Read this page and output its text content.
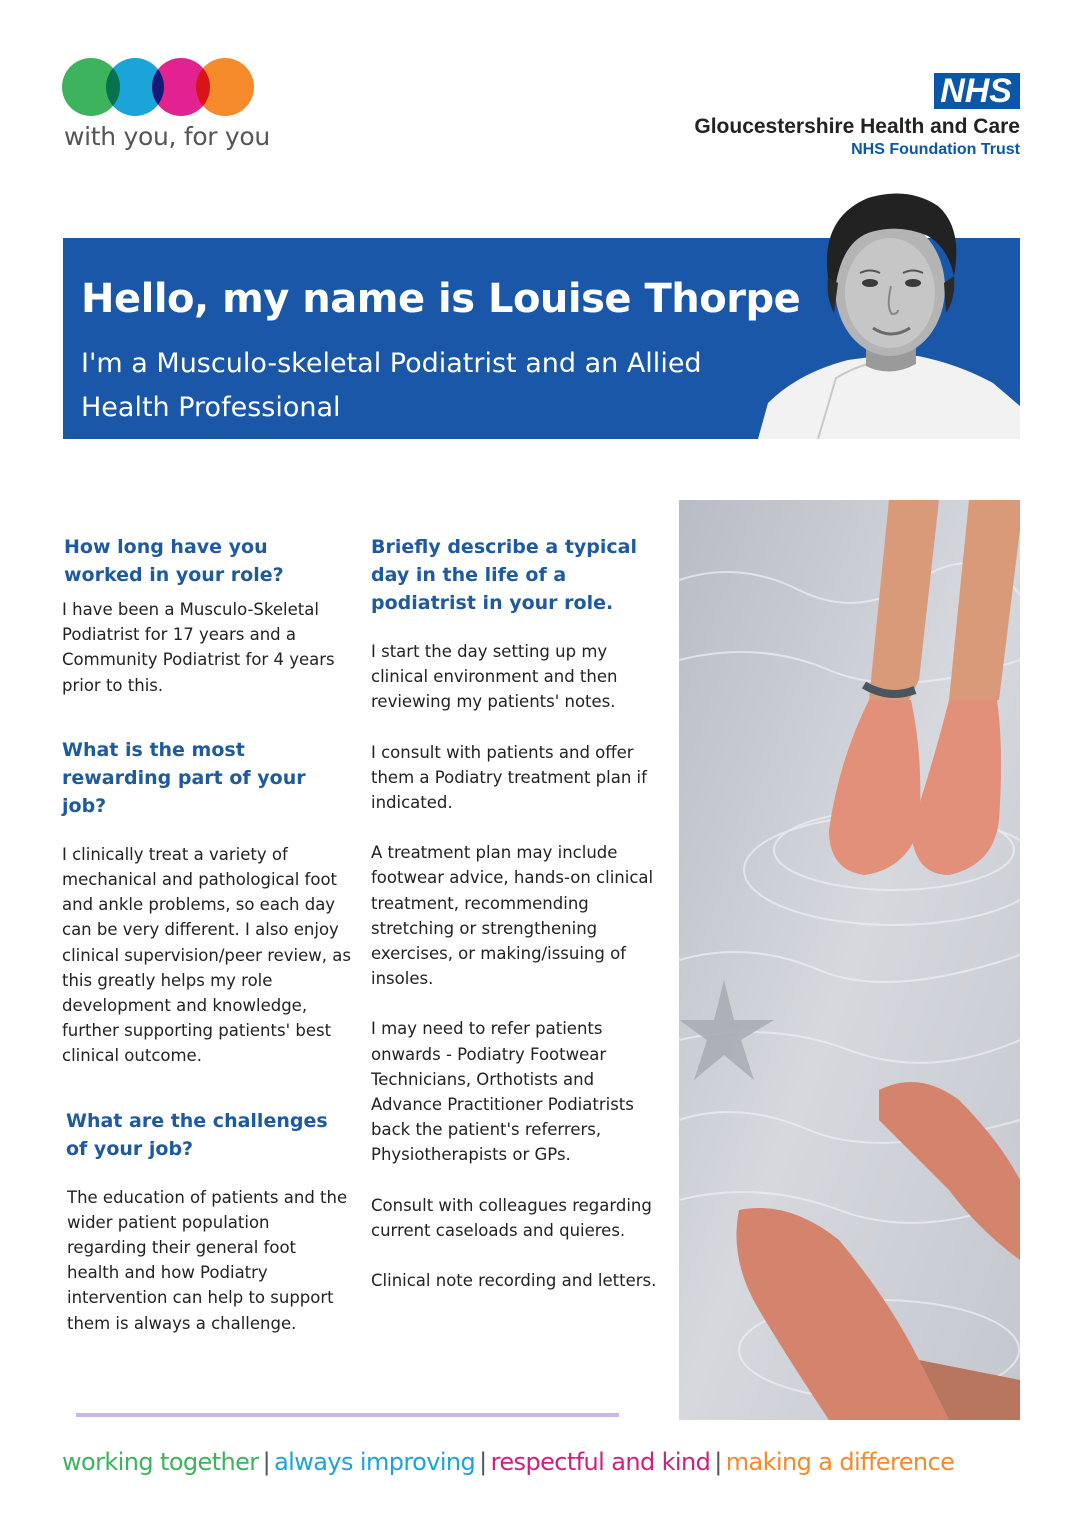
with you, for you
NHS
Gloucestershire Health and Care
NHS Foundation Trust
Hello, my name is Louise Thorpe
I'm a Musculo-skeletal Podiatrist and an Allied Health Professional

How long have you worked in your role?

I have been a Musculo-Skeletal Podiatrist for 17 years and a Community Podiatrist for 4 years prior to this.

What is the most rewarding part of your job?

I clinically treat a variety of mechanical and pathological foot and ankle problems, so each day can be very different. I also enjoy clinical supervision/peer review, as this greatly helps my role development and knowledge, further supporting patients' best clinical outcome.

What are the challenges of your job?

The education of patients and the wider patient population regarding their general foot health and how Podiatry intervention can help to support them is always a challenge.

Briefly describe a typical day in the life of a podiatrist in your role.

I start the day setting up my clinical environment and then reviewing my patients' notes.

I consult with patients and offer them a Podiatry treatment plan if indicated.

A treatment plan may include footwear advice, hands-on clinical treatment, recommending stretching or strengthening exercises, or making/issuing of insoles.

I may need to refer patients onwards - Podiatry Footwear Technicians, Orthotists and Advance Practitioner Podiatrists back the patient's referrers, Physiotherapists or GPs.

Consult with colleagues regarding current caseloads and quieres.

Clinical note recording and letters.

working together | always improving | respectful and kind | making a difference
